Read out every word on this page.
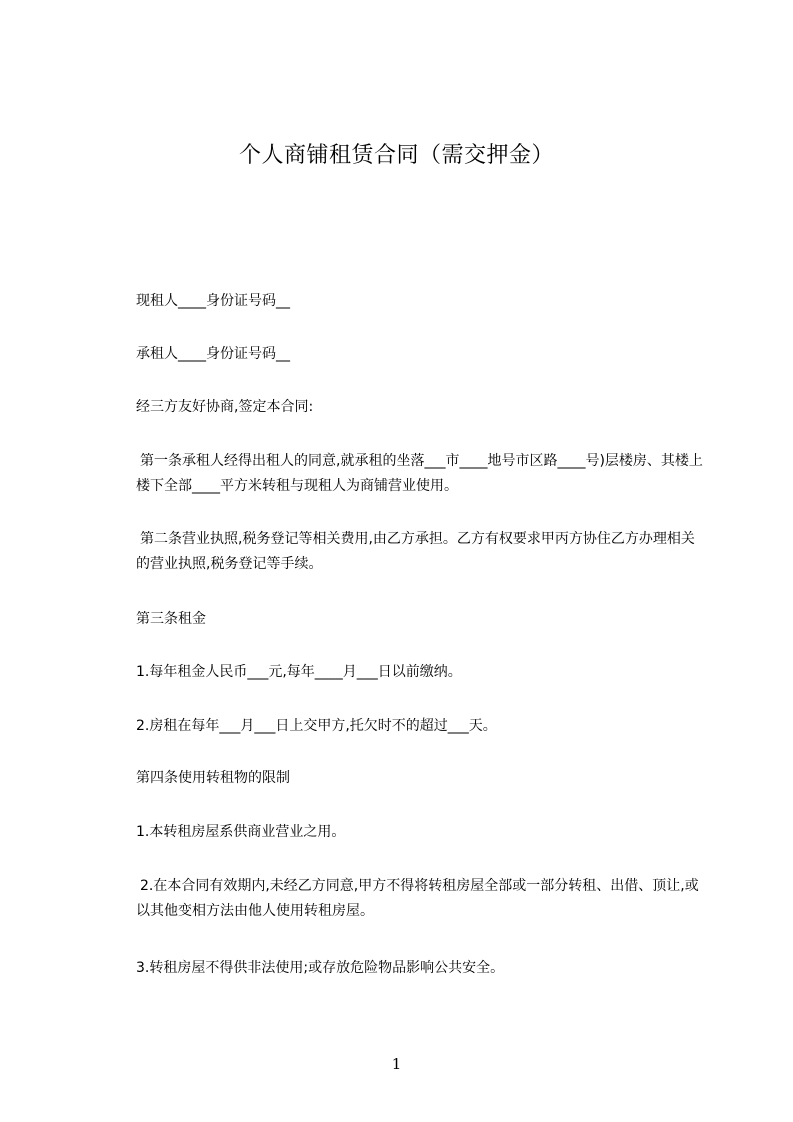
个人商铺租赁合同（需交押金）
现租人____身份证号码__
承租人____身份证号码__
经三方友好协商,签定本合同:
第一条承租人经得出租人的同意,就承租的坐落___市____地号市区路____号)层楼房、其楼上楼下全部____平方米转租与现租人为商铺营业使用。
第二条营业执照,税务登记等相关费用,由乙方承担。乙方有权要求甲丙方协住乙方办理相关的营业执照,税务登记等手续。
第三条租金
1.每年租金人民币___元,每年____月___日以前缴纳。
2.房租在每年___月___日上交甲方,托欠时不的超过___天。
第四条使用转租物的限制
1.本转租房屋系供商业营业之用。
2.在本合同有效期内,未经乙方同意,甲方不得将转租房屋全部或一部分转租、出借、顶让,或以其他变相方法由他人使用转租房屋。
3.转租房屋不得供非法使用;或存放危险物品影响公共安全。
1
